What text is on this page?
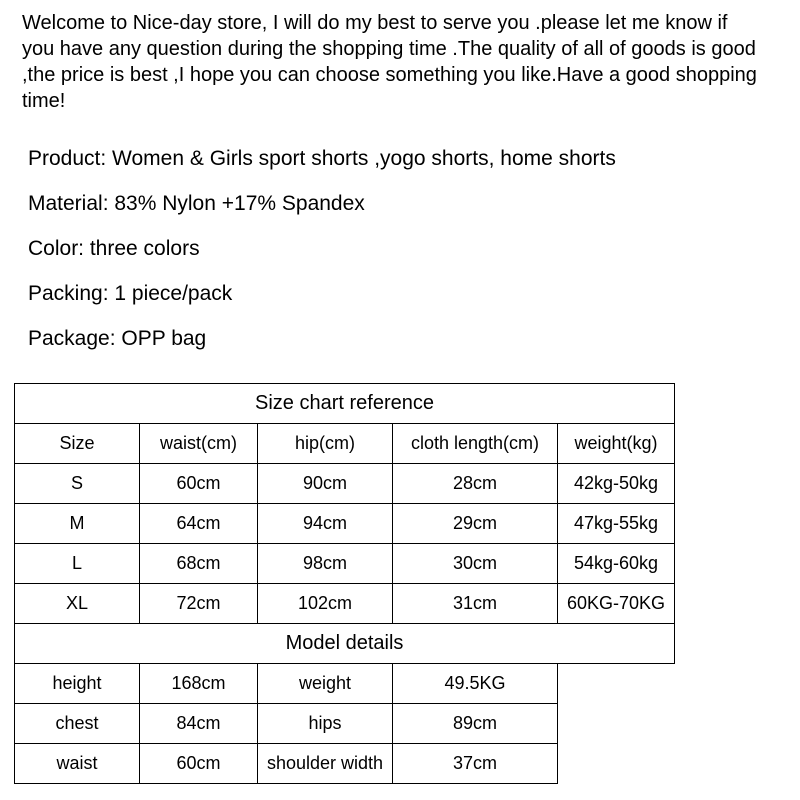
Welcome to Nice-day store, I will do my best to serve you .please let me know if you have any question during the shopping time .The quality of all of goods is good ,the price is best ,I hope you can choose something you like.Have a good shopping time!
Product: Women & Girls sport shorts ,yogo shorts, home shorts
Material: 83% Nylon +17% Spandex
Color: three colors
Packing: 1 piece/pack
Package: OPP bag
Size chart reference				
Size	waist(cm)	hip(cm)	cloth length(cm)	weight(kg)
S	60cm	90cm	28cm	42kg-50kg
M	64cm	94cm	29cm	47kg-55kg
L	68cm	98cm	30cm	54kg-60kg
XL	72cm	102cm	31cm	60KG-70KG
Model details				
height	168cm	weight	49.5KG	
chest	84cm	hips	89cm	
waist	60cm	shoulder width	37cm	
